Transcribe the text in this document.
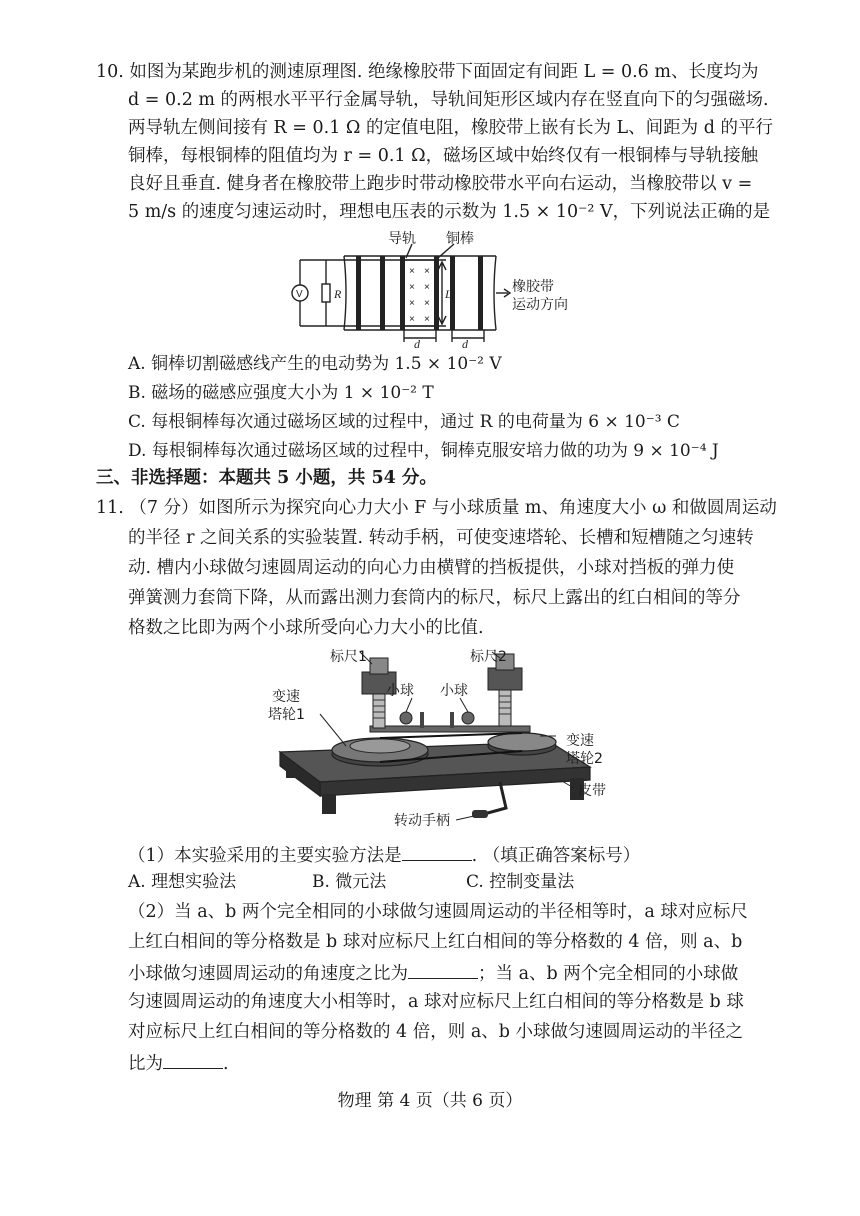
10. 如图为某跑步机的测速原理图. 绝缘橡胶带下面固定有间距 L = 0.6 m、长度均为
d = 0.2 m 的两根水平平行金属导轨，导轨间矩形区域内存在竖直向下的匀强磁场.
两导轨左侧间接有 R = 0.1 Ω 的定值电阻，橡胶带上嵌有长为 L、间距为 d 的平行
铜棒，每根铜棒的阻值均为 r = 0.1 Ω，磁场区域中始终仅有一根铜棒与导轨接触
良好且垂直. 健身者在橡胶带上跑步时带动橡胶带水平向右运动，当橡胶带以 v =
5 m/s 的速度匀速运动时，理想电压表的示数为 1.5 × 10⁻² V，下列说法正确的是
V	R
× ×
× ×
× ×
× ×
L
d	d
导轨 铜棒
橡胶带
运动方向
A. 铜棒切割磁感线产生的电动势为 1.5 × 10⁻² V
B. 磁场的磁感应强度大小为 1 × 10⁻² T
C. 每根铜棒每次通过磁场区域的过程中，通过 R 的电荷量为 6 × 10⁻³ C
D. 每根铜棒每次通过磁场区域的过程中，铜棒克服安培力做的功为 9 × 10⁻⁴ J
三、非选择题：本题共 5 小题，共 54 分。
11. （7 分）如图所示为探究向心力大小 F 与小球质量 m、角速度大小 ω 和做圆周运动
的半径 r 之间关系的实验装置. 转动手柄，可使变速塔轮、长槽和短槽随之匀速转
动. 槽内小球做匀速圆周运动的向心力由横臂的挡板提供，小球对挡板的弹力使
弹簧测力套筒下降，从而露出测力套筒内的标尺，标尺上露出的红白相间的等分
格数之比即为两个小球所受向心力大小的比值.
标尺1	标尺2
小球 小球
变速
塔轮1
变速
塔轮2
皮带
转动手柄
（1）本实验采用的主要实验方法是	. （填正确答案标号）
A. 理想实验法	B. 微元法	C. 控制变量法
（2）当 a、b 两个完全相同的小球做匀速圆周运动的半径相等时，a 球对应标尺
上红白相间的等分格数是 b 球对应标尺上红白相间的等分格数的 4 倍，则 a、b
小球做匀速圆周运动的角速度之比为	；当 a、b 两个完全相同的小球做
匀速圆周运动的角速度大小相等时，a 球对应标尺上红白相间的等分格数是 b 球
对应标尺上红白相间的等分格数的 4 倍，则 a、b 小球做匀速圆周运动的半径之
比为	.
物理 第 4 页（共 6 页）
